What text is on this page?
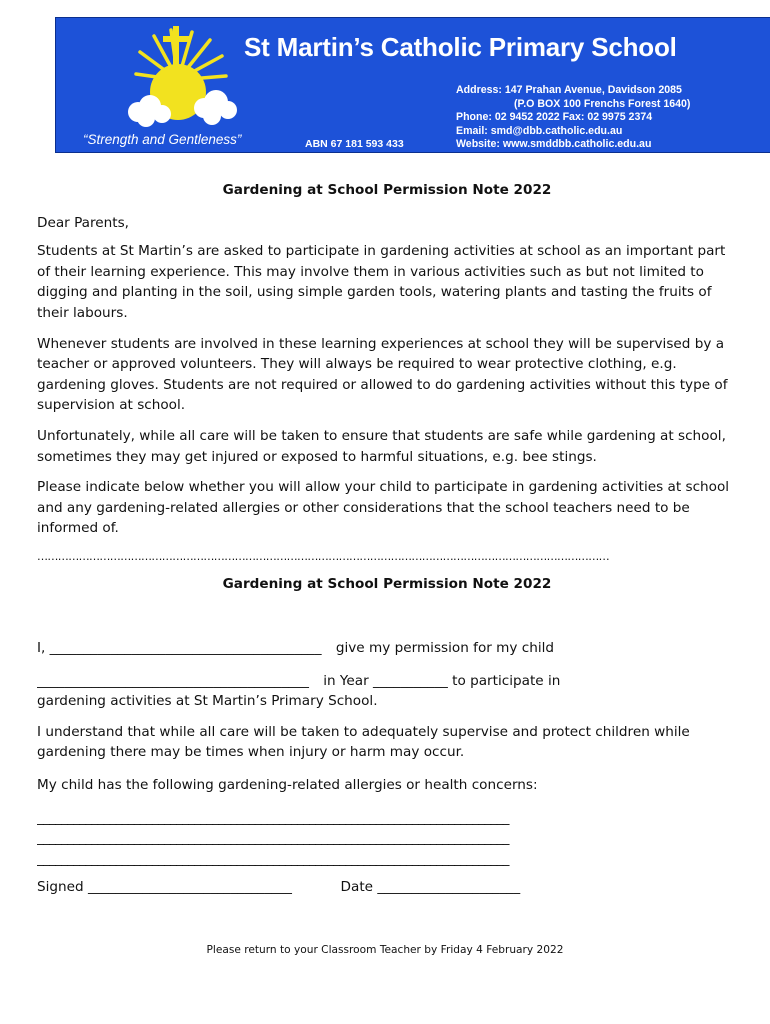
St Martin’s Catholic Primary School
Address: 147 Prahan Avenue, Davidson 2085
(P.O BOX 100 Frenchs Forest 1640)
Phone: 02 9452 2022 Fax: 02 9975 2374
Email: smd@dbb.catholic.edu.au
Website: www.smddbb.catholic.edu.au
“Strength and Gentleness”	ABN 67 181 593 433

Gardening at School Permission Note 2022

Dear Parents,

Students at St Martin’s are asked to participate in gardening activities at school as an important part of their learning experience. This may involve them in various activities such as but not limited to digging and planting in the soil, using simple garden tools, watering plants and tasting the fruits of their labours.

Whenever students are involved in these learning experiences at school they will be supervised by a teacher or approved volunteers. They will always be required to wear protective clothing, e.g. gardening gloves. Students are not required or allowed to do gardening activities without this type of supervision at school.

Unfortunately, while all care will be taken to ensure that students are safe while gardening at school, sometimes they may get injured or exposed to harmful situations, e.g. bee stings.

Please indicate below whether you will allow your child to participate in gardening activities at school and any gardening-related allergies or other considerations that the school teachers need to be informed of.

…………………………………………………………………………………………………………………………………………………

Gardening at School Permission Note 2022

I, ________________________________________ give my permission for my child

________________________________________ in Year ___________ to participate in

gardening activities at St Martin’s Primary School.

I understand that while all care will be taken to adequately supervise and protect children while gardening there may be times when injury or harm may occur.

My child has the following gardening-related allergies or health concerns:

______________________________________________________________________________

______________________________________________________________________________

______________________________________________________________________________

Signed ______________________________	Date _____________________

Please return to your Classroom Teacher by Friday 4 February 2022
